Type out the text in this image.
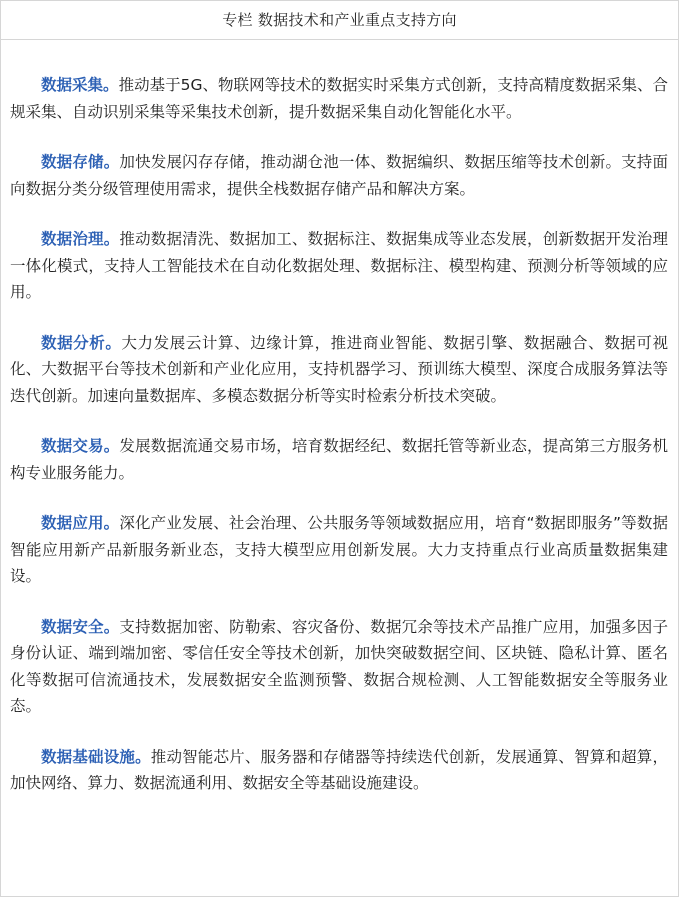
专栏 数据技术和产业重点支持方向

数据采集。推动基于5G、物联网等技术的数据实时采集方式创新，支持高精度数据采集、合规采集、自动识别采集等采集技术创新，提升数据采集自动化智能化水平。

数据存储。加快发展闪存存储，推动湖仓池一体、数据编织、数据压缩等技术创新。支持面向数据分类分级管理使用需求，提供全栈数据存储产品和解决方案。

数据治理。推动数据清洗、数据加工、数据标注、数据集成等业态发展，创新数据开发治理一体化模式，支持人工智能技术在自动化数据处理、数据标注、模型构建、预测分析等领域的应用。

数据分析。大力发展云计算、边缘计算，推进商业智能、数据引擎、数据融合、数据可视化、大数据平台等技术创新和产业化应用，支持机器学习、预训练大模型、深度合成服务算法等迭代创新。加速向量数据库、多模态数据分析等实时检索分析技术突破。

数据交易。发展数据流通交易市场，培育数据经纪、数据托管等新业态，提高第三方服务机构专业服务能力。

数据应用。深化产业发展、社会治理、公共服务等领域数据应用，培育“数据即服务”等数据智能应用新产品新服务新业态，支持大模型应用创新发展。大力支持重点行业高质量数据集建设。

数据安全。支持数据加密、防勒索、容灾备份、数据冗余等技术产品推广应用，加强多因子身份认证、端到端加密、零信任安全等技术创新，加快突破数据空间、区块链、隐私计算、匿名化等数据可信流通技术，发展数据安全监测预警、数据合规检测、人工智能数据安全等服务业态。

数据基础设施。推动智能芯片、服务器和存储器等持续迭代创新，发展通算、智算和超算，加快网络、算力、数据流通利用、数据安全等基础设施建设。
